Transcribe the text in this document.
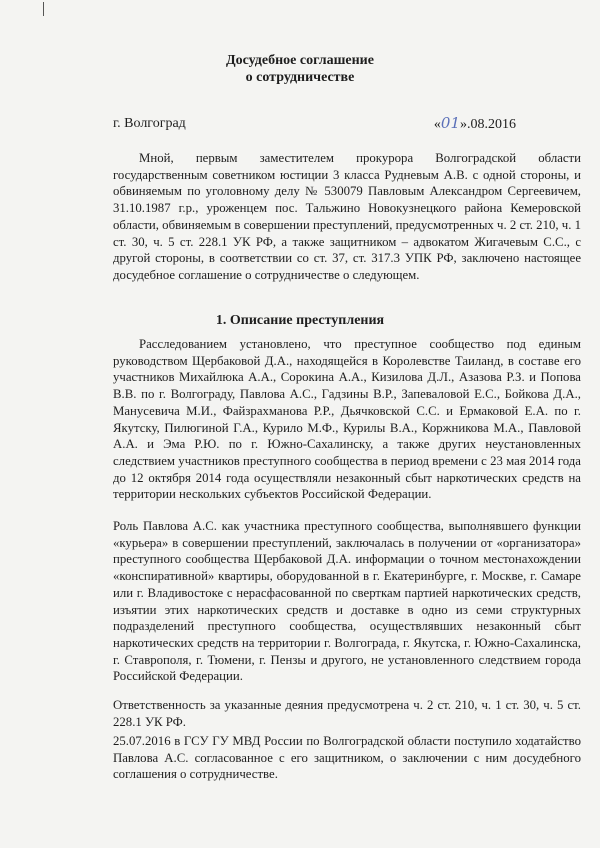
Досудебное соглашение
о сотрудничестве
г. Волгоград	«01».08.2016
Мной, первым заместителем прокурора Волгоградской области государственным советником юстиции 3 класса Рудневым А.В. с одной стороны, и обвиняемым по уголовному делу № 530079 Павловым Александром Сергеевичем, 31.10.1987 г.р., уроженцем пос. Тальжино Новокузнецкого района Кемеровской области, обвиняемым в совершении преступлений, предусмотренных ч. 2 ст. 210, ч. 1 ст. 30, ч. 5 ст. 228.1 УК РФ, а также защитником – адвокатом Жигачевым С.С., с другой стороны, в соответствии со ст. 37, ст. 317.3 УПК РФ, заключено настоящее досудебное соглашение о сотрудничестве о следующем.
1. Описание преступления
Расследованием установлено, что преступное сообщество под единым руководством Щербаковой Д.А., находящейся в Королевстве Таиланд, в составе его участников Михайлюка А.А., Сорокина А.А., Кизилова Д.Л., Азазова Р.З. и Попова В.В. по г. Волгограду, Павлова А.С., Гадзины В.Р., Запеваловой Е.С., Бойкова Д.А., Манусевича М.И., Файзрахманова Р.Р., Дьячковской С.С. и Ермаковой Е.А. по г. Якутску, Пилюгиной Г.А., Курило М.Ф., Курилы В.А., Коржникова М.А., Павловой А.А. и Эма Р.Ю. по г. Южно-Сахалинску, а также других неустановленных следствием участников преступного сообщества в период времени с 23 мая 2014 года до 12 октября 2014 года осуществляли незаконный сбыт наркотических средств на территории нескольких субъектов Российской Федерации.
Роль Павлова А.С. как участника преступного сообщества, выполнявшего функции «курьера» в совершении преступлений, заключалась в получении от «организатора» преступного сообщества Щербаковой Д.А. информации о точном местонахождении «конспиративной» квартиры, оборудованной в г. Екатеринбурге, г. Москве, г. Самаре или г. Владивостоке с нерасфасованной по сверткам партией наркотических средств, изъятии этих наркотических средств и доставке в одно из семи структурных подразделений преступного сообщества, осуществлявших незаконный сбыт наркотических средств на территории г. Волгограда, г. Якутска, г. Южно-Сахалинска, г. Ставрополя, г. Тюмени, г. Пензы и другого, не установленного следствием города Российской Федерации.
Ответственность за указанные деяния предусмотрена ч. 2 ст. 210, ч. 1 ст. 30, ч. 5 ст. 228.1 УК РФ.
25.07.2016 в ГСУ ГУ МВД России по Волгоградской области поступило ходатайство Павлова А.С. согласованное с его защитником, о заключении с ним досудебного соглашения о сотрудничестве.
